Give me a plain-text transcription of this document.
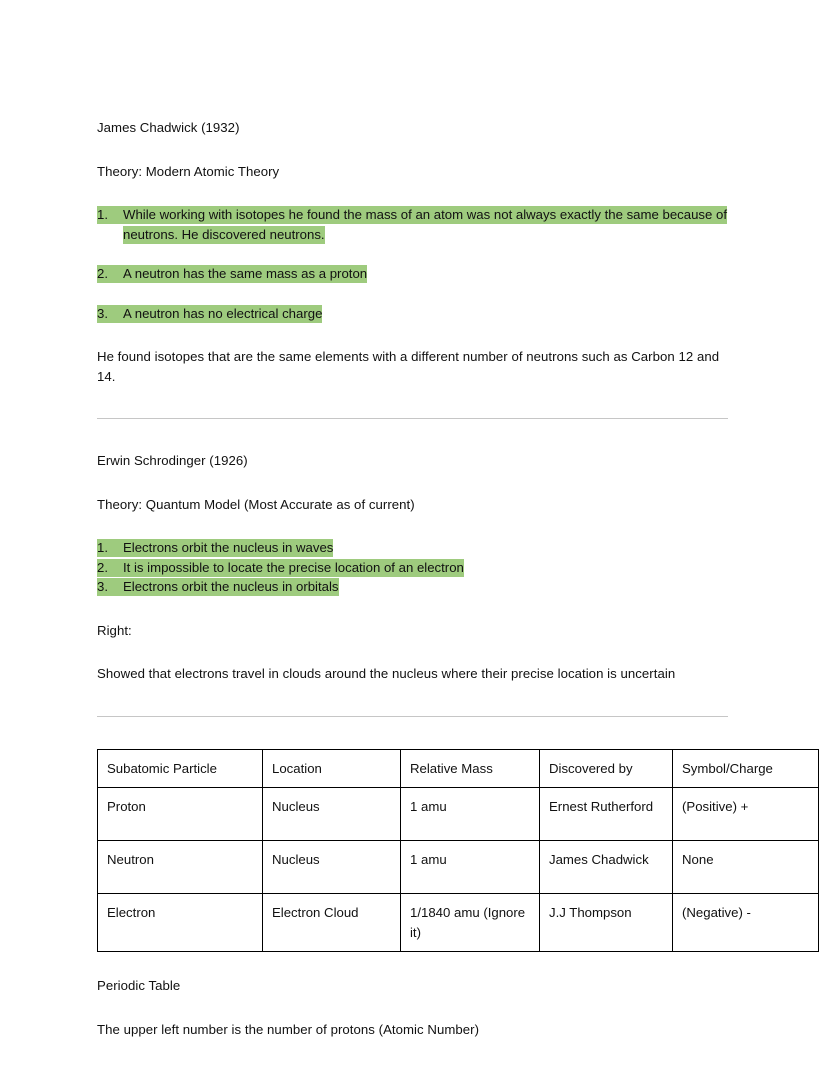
James Chadwick (1932)

Theory: Modern Atomic Theory

1. While working with isotopes he found the mass of an atom was not always exactly the same because of neutrons. He discovered neutrons.
2. A neutron has the same mass as a proton
3. A neutron has no electrical charge

He found isotopes that are the same elements with a different number of neutrons such as Carbon 12 and 14.

Erwin Schrodinger (1926)

Theory: Quantum Model (Most Accurate as of current)

1. Electrons orbit the nucleus in waves
2. It is impossible to locate the precise location of an electron
3. Electrons orbit the nucleus in orbitals

Right:

Showed that electrons travel in clouds around the nucleus where their precise location is uncertain

Subatomic Particle	Location	Relative Mass	Discovered by	Symbol/Charge
Proton	Nucleus	1 amu	Ernest Rutherford	(Positive) +
Neutron	Nucleus	1 amu	James Chadwick	None
Electron	Electron Cloud	1/1840 amu (Ignore it)	J.J Thompson	(Negative) -

Periodic Table

The upper left number is the number of protons (Atomic Number)
